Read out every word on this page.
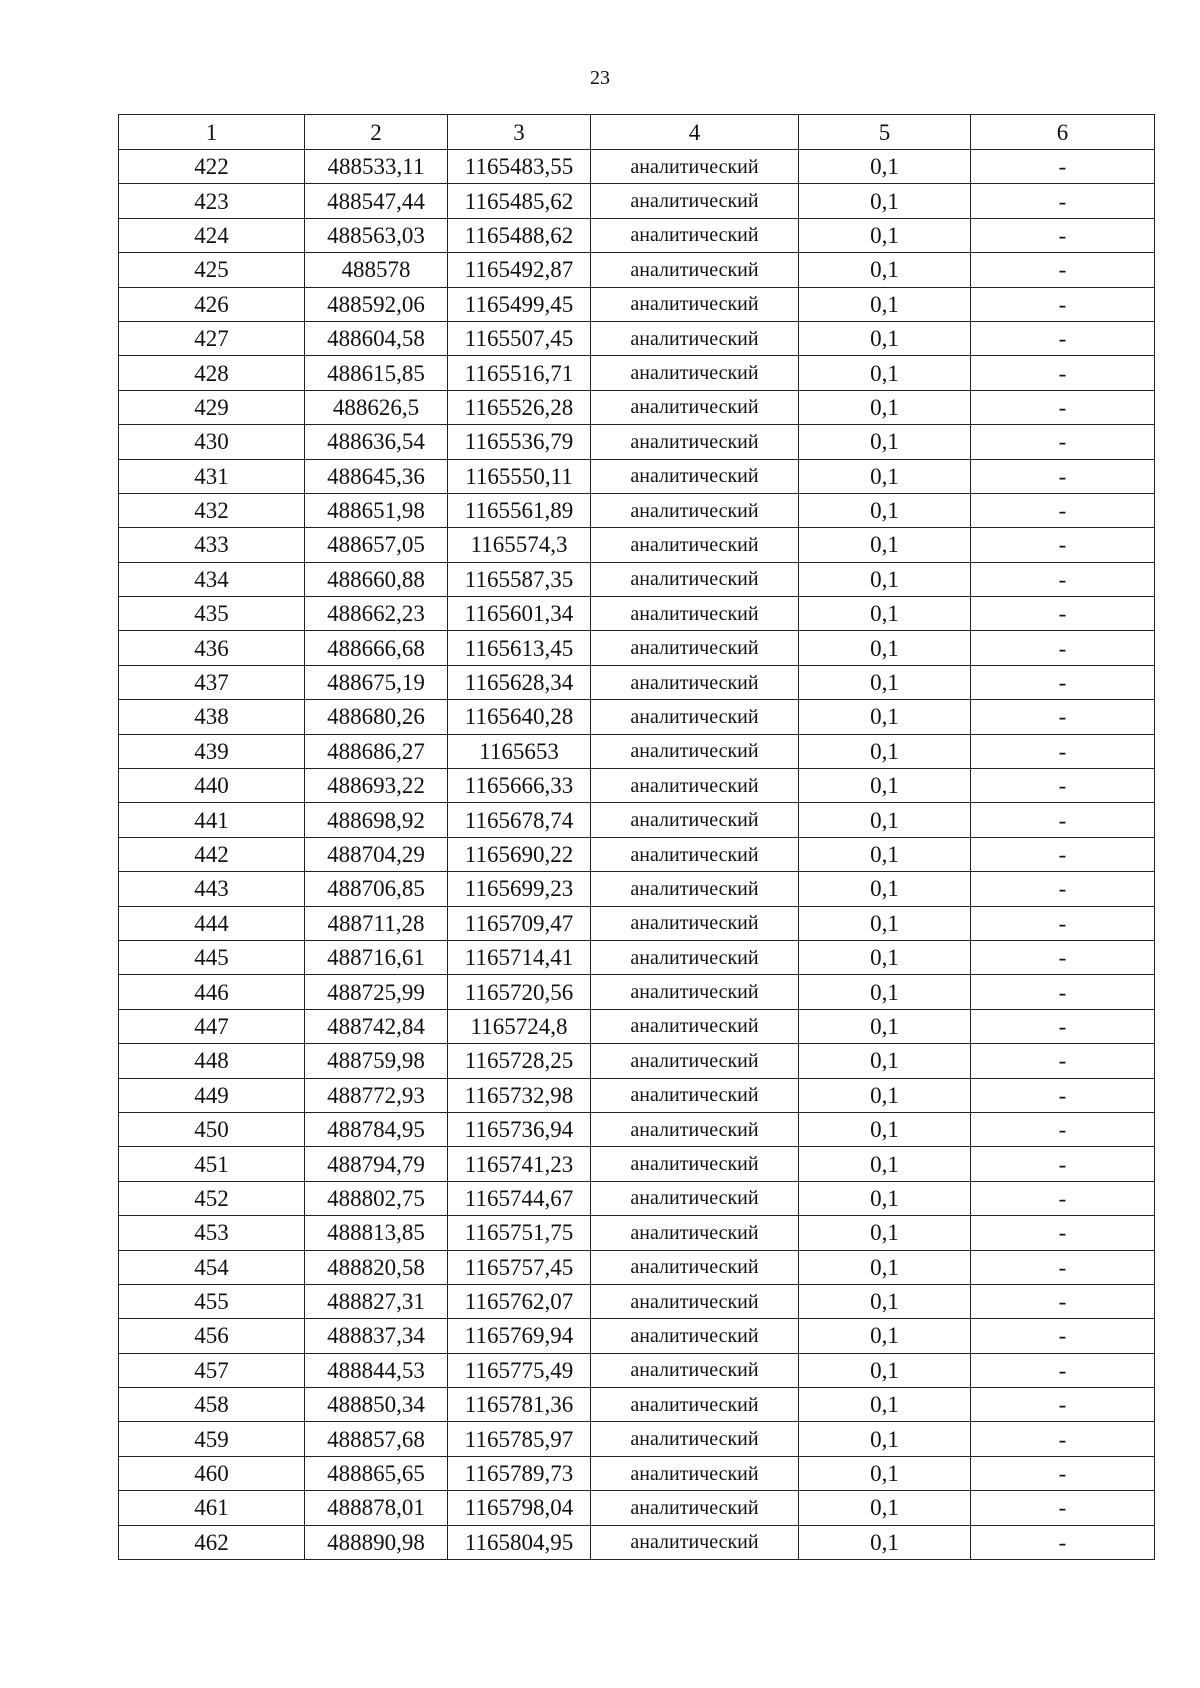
23
1	2	3	4	5	6
422	488533,11	1165483,55	аналитический	0,1	-
423	488547,44	1165485,62	аналитический	0,1	-
424	488563,03	1165488,62	аналитический	0,1	-
425	488578	1165492,87	аналитический	0,1	-
426	488592,06	1165499,45	аналитический	0,1	-
427	488604,58	1165507,45	аналитический	0,1	-
428	488615,85	1165516,71	аналитический	0,1	-
429	488626,5	1165526,28	аналитический	0,1	-
430	488636,54	1165536,79	аналитический	0,1	-
431	488645,36	1165550,11	аналитический	0,1	-
432	488651,98	1165561,89	аналитический	0,1	-
433	488657,05	1165574,3	аналитический	0,1	-
434	488660,88	1165587,35	аналитический	0,1	-
435	488662,23	1165601,34	аналитический	0,1	-
436	488666,68	1165613,45	аналитический	0,1	-
437	488675,19	1165628,34	аналитический	0,1	-
438	488680,26	1165640,28	аналитический	0,1	-
439	488686,27	1165653	аналитический	0,1	-
440	488693,22	1165666,33	аналитический	0,1	-
441	488698,92	1165678,74	аналитический	0,1	-
442	488704,29	1165690,22	аналитический	0,1	-
443	488706,85	1165699,23	аналитический	0,1	-
444	488711,28	1165709,47	аналитический	0,1	-
445	488716,61	1165714,41	аналитический	0,1	-
446	488725,99	1165720,56	аналитический	0,1	-
447	488742,84	1165724,8	аналитический	0,1	-
448	488759,98	1165728,25	аналитический	0,1	-
449	488772,93	1165732,98	аналитический	0,1	-
450	488784,95	1165736,94	аналитический	0,1	-
451	488794,79	1165741,23	аналитический	0,1	-
452	488802,75	1165744,67	аналитический	0,1	-
453	488813,85	1165751,75	аналитический	0,1	-
454	488820,58	1165757,45	аналитический	0,1	-
455	488827,31	1165762,07	аналитический	0,1	-
456	488837,34	1165769,94	аналитический	0,1	-
457	488844,53	1165775,49	аналитический	0,1	-
458	488850,34	1165781,36	аналитический	0,1	-
459	488857,68	1165785,97	аналитический	0,1	-
460	488865,65	1165789,73	аналитический	0,1	-
461	488878,01	1165798,04	аналитический	0,1	-
462	488890,98	1165804,95	аналитический	0,1	-
